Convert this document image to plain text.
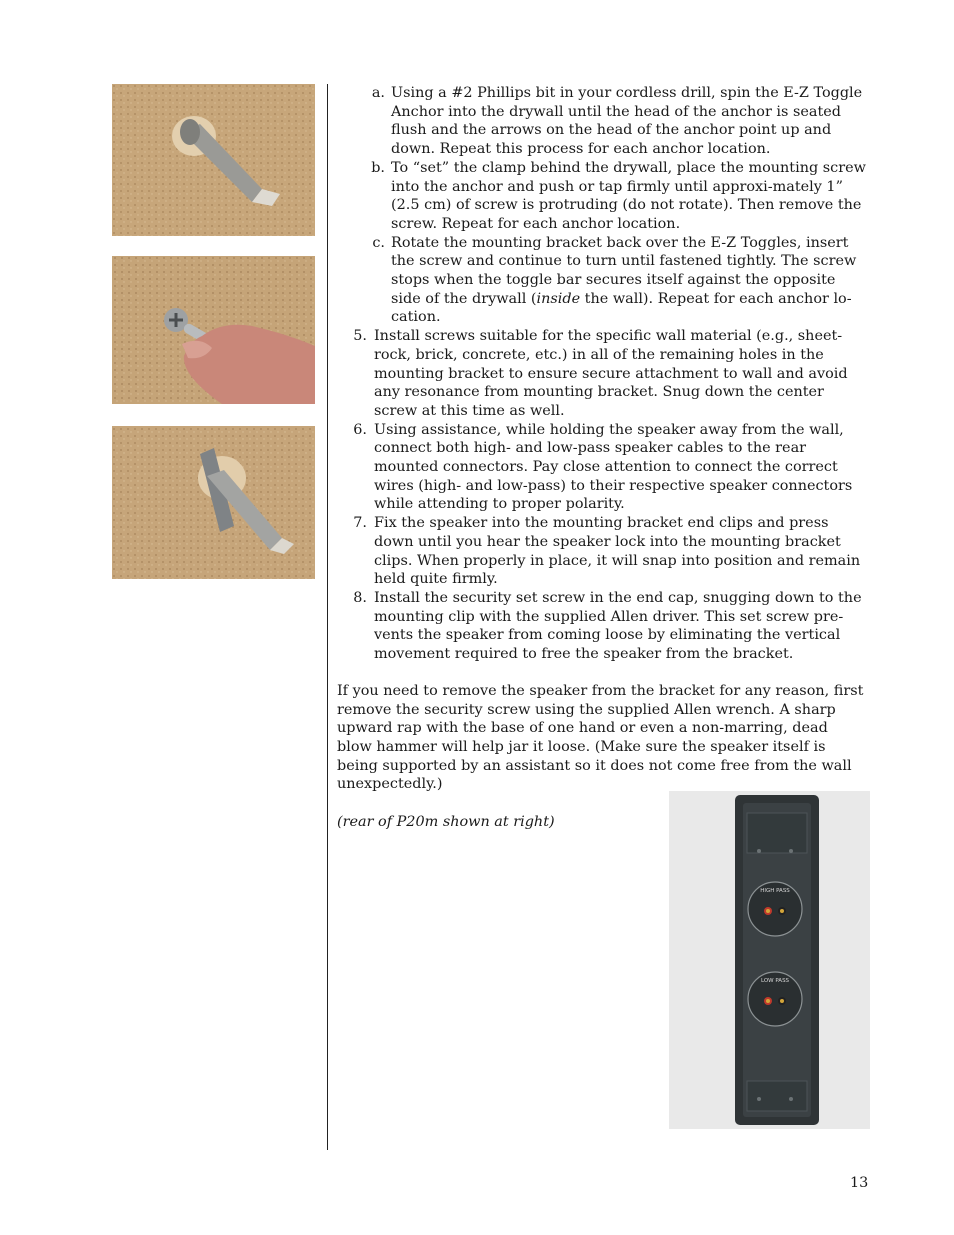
a. Using a #2 Phillips bit in your cordless drill, spin the E-Z Toggle Anchor into the drywall until the head of the anchor is seated flush and the arrows on the head of the anchor point up and down. Repeat this process for each anchor location.
b. To “set” the clamp behind the drywall, place the mounting screw into the anchor and push or tap firmly until approxi-mately 1” (2.5 cm) of screw is protruding (do not rotate). Then remove the screw. Repeat for each anchor location.
c. Rotate the mounting bracket back over the E-Z Toggles, insert the screw and continue to turn until fastened tightly. The screw stops when the toggle bar secures itself against the opposite side of the drywall (inside the wall). Repeat for each anchor lo-cation.
5. Install screws suitable for the specific wall material (e.g., sheet-rock, brick, concrete, etc.) in all of the remaining holes in the mounting bracket to ensure secure attachment to wall and avoid any resonance from mounting bracket. Snug down the center screw at this time as well.
6. Using assistance, while holding the speaker away from the wall, connect both high- and low-pass speaker cables to the rear mounted connectors. Pay close attention to connect the correct wires (high- and low-pass) to their respective speaker connectors while attending to proper polarity.
7. Fix the speaker into the mounting bracket end clips and press down until you hear the speaker lock into the mounting bracket clips. When properly in place, it will snap into position and remain held quite firmly.
8. Install the security set screw in the end cap, snugging down to the mounting clip with the supplied Allen driver. This set screw pre-vents the speaker from coming loose by eliminating the vertical movement required to free the speaker from the bracket.

If you need to remove the speaker from the bracket for any reason, first remove the security screw using the supplied Allen wrench. A sharp upward rap with the base of one hand or even a non-marring, dead blow hammer will help jar it loose. (Make sure the speaker itself is being supported by an assistant so it does not come free from the wall unexpectedly.)

(rear of P20m shown at right)

HIGH PASS
LOW PASS
13
